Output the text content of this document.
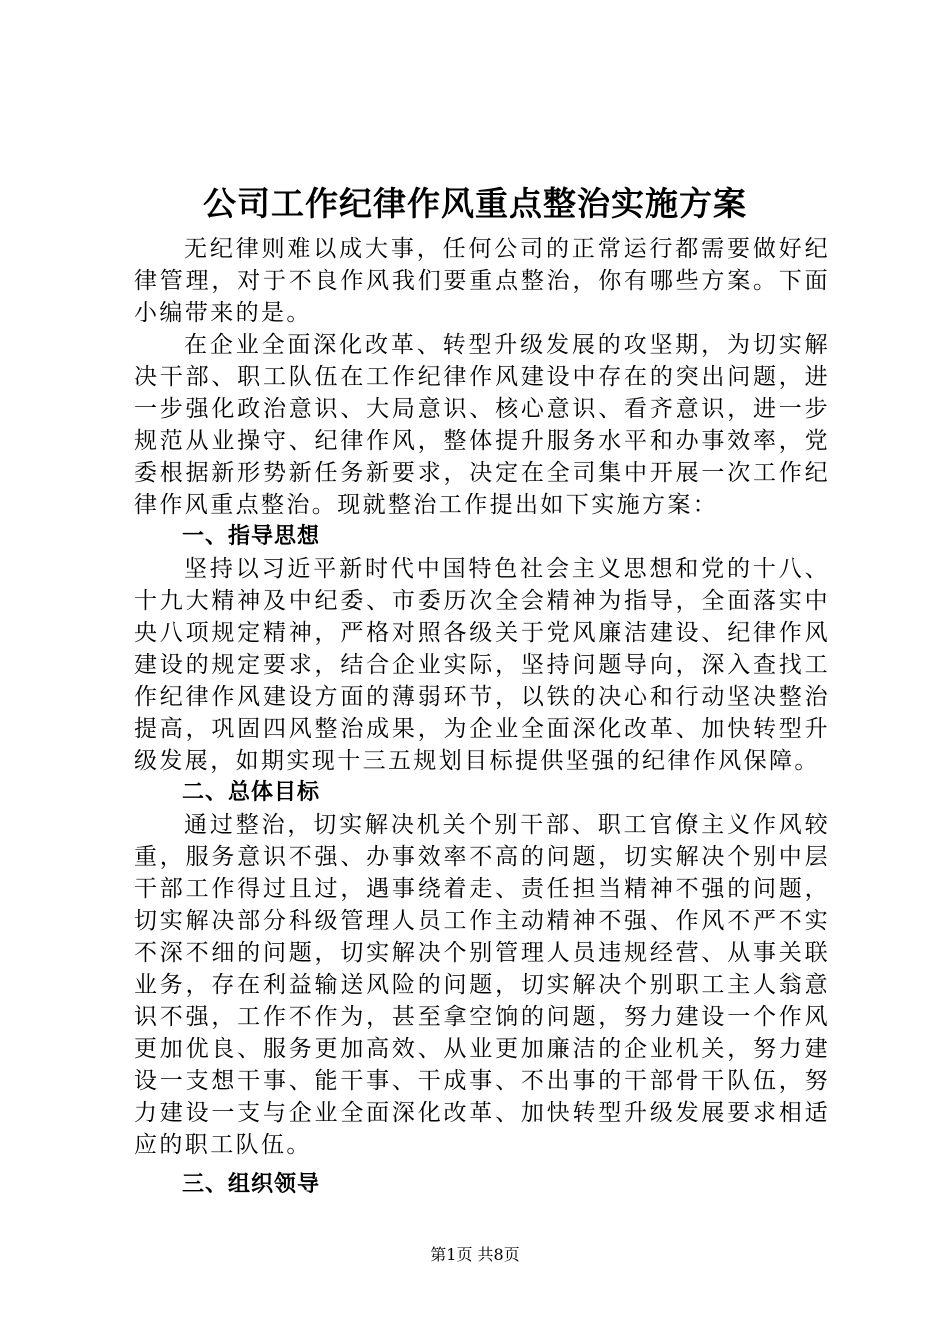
公司工作纪律作风重点整治实施方案

无纪律则难以成大事，任何公司的正常运行都需要做好纪律管理，对于不良作风我们要重点整治，你有哪些方案。下面小编带来的是。

在企业全面深化改革、转型升级发展的攻坚期，为切实解决干部、职工队伍在工作纪律作风建设中存在的突出问题，进一步强化政治意识、大局意识、核心意识、看齐意识，进一步规范从业操守、纪律作风，整体提升服务水平和办事效率，党委根据新形势新任务新要求，决定在全司集中开展一次工作纪律作风重点整治。现就整治工作提出如下实施方案：

一、指导思想

坚持以习近平新时代中国特色社会主义思想和党的十八、十九大精神及中纪委、市委历次全会精神为指导，全面落实中央八项规定精神，严格对照各级关于党风廉洁建设、纪律作风建设的规定要求，结合企业实际，坚持问题导向，深入查找工作纪律作风建设方面的薄弱环节，以铁的决心和行动坚决整治提高，巩固四风整治成果，为企业全面深化改革、加快转型升级发展，如期实现十三五规划目标提供坚强的纪律作风保障。

二、总体目标

通过整治，切实解决机关个别干部、职工官僚主义作风较重，服务意识不强、办事效率不高的问题，切实解决个别中层干部工作得过且过，遇事绕着走、责任担当精神不强的问题，切实解决部分科级管理人员工作主动精神不强、作风不严不实不深不细的问题，切实解决个别管理人员违规经营、从事关联业务，存在利益输送风险的问题，切实解决个别职工主人翁意识不强，工作不作为，甚至拿空饷的问题，努力建设一个作风更加优良、服务更加高效、从业更加廉洁的企业机关，努力建设一支想干事、能干事、干成事、不出事的干部骨干队伍，努力建设一支与企业全面深化改革、加快转型升级发展要求相适应的职工队伍。

三、组织领导
第1页 共8页
